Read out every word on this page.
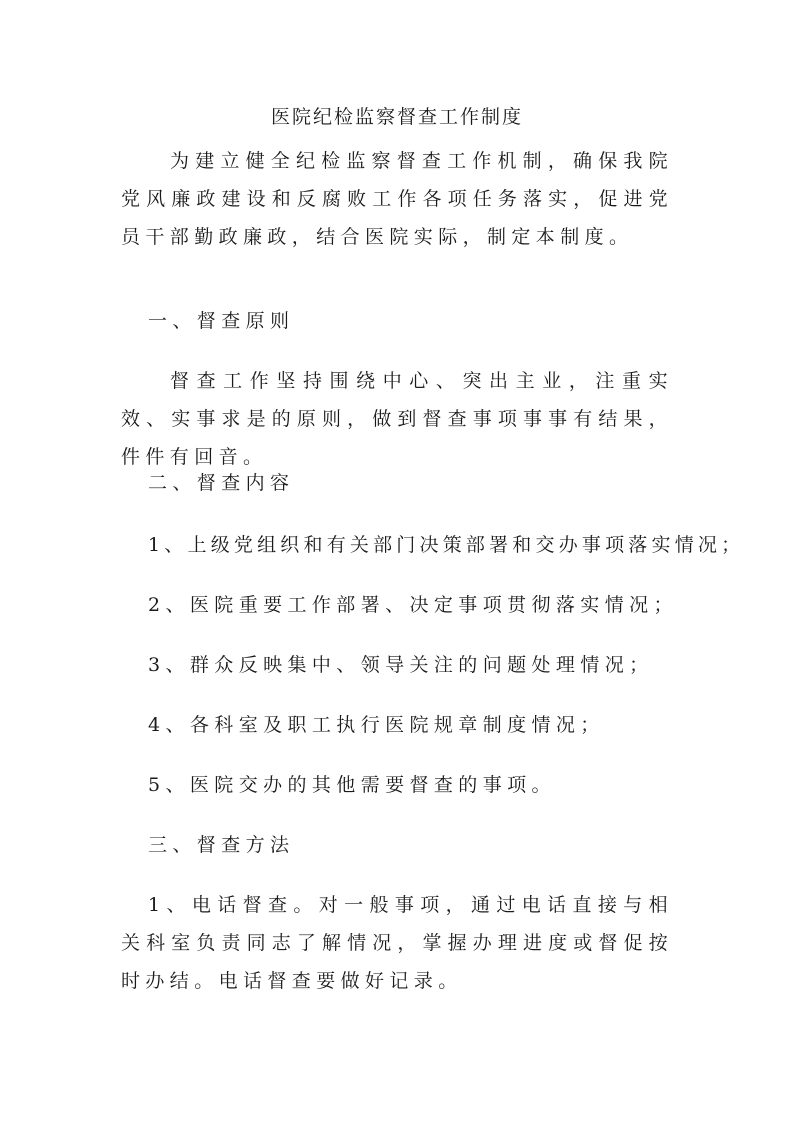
医院纪检监察督查工作制度

为建立健全纪检监察督查工作机制，确保我院党风廉政建设和反腐败工作各项任务落实，促进党员干部勤政廉政，结合医院实际，制定本制度。

一、督查原则

督查工作坚持围绕中心、突出主业，注重实效、实事求是的原则，做到督查事项事事有结果，件件有回音。

二、督查内容

1、上级党组织和有关部门决策部署和交办事项落实情况；

2、医院重要工作部署、决定事项贯彻落实情况；

3、群众反映集中、领导关注的问题处理情况；

4、各科室及职工执行医院规章制度情况；

5、医院交办的其他需要督查的事项。

三、督查方法

1、电话督查。对一般事项，通过电话直接与相关科室负责同志了解情况，掌握办理进度或督促按时办结。电话督查要做好记录。
